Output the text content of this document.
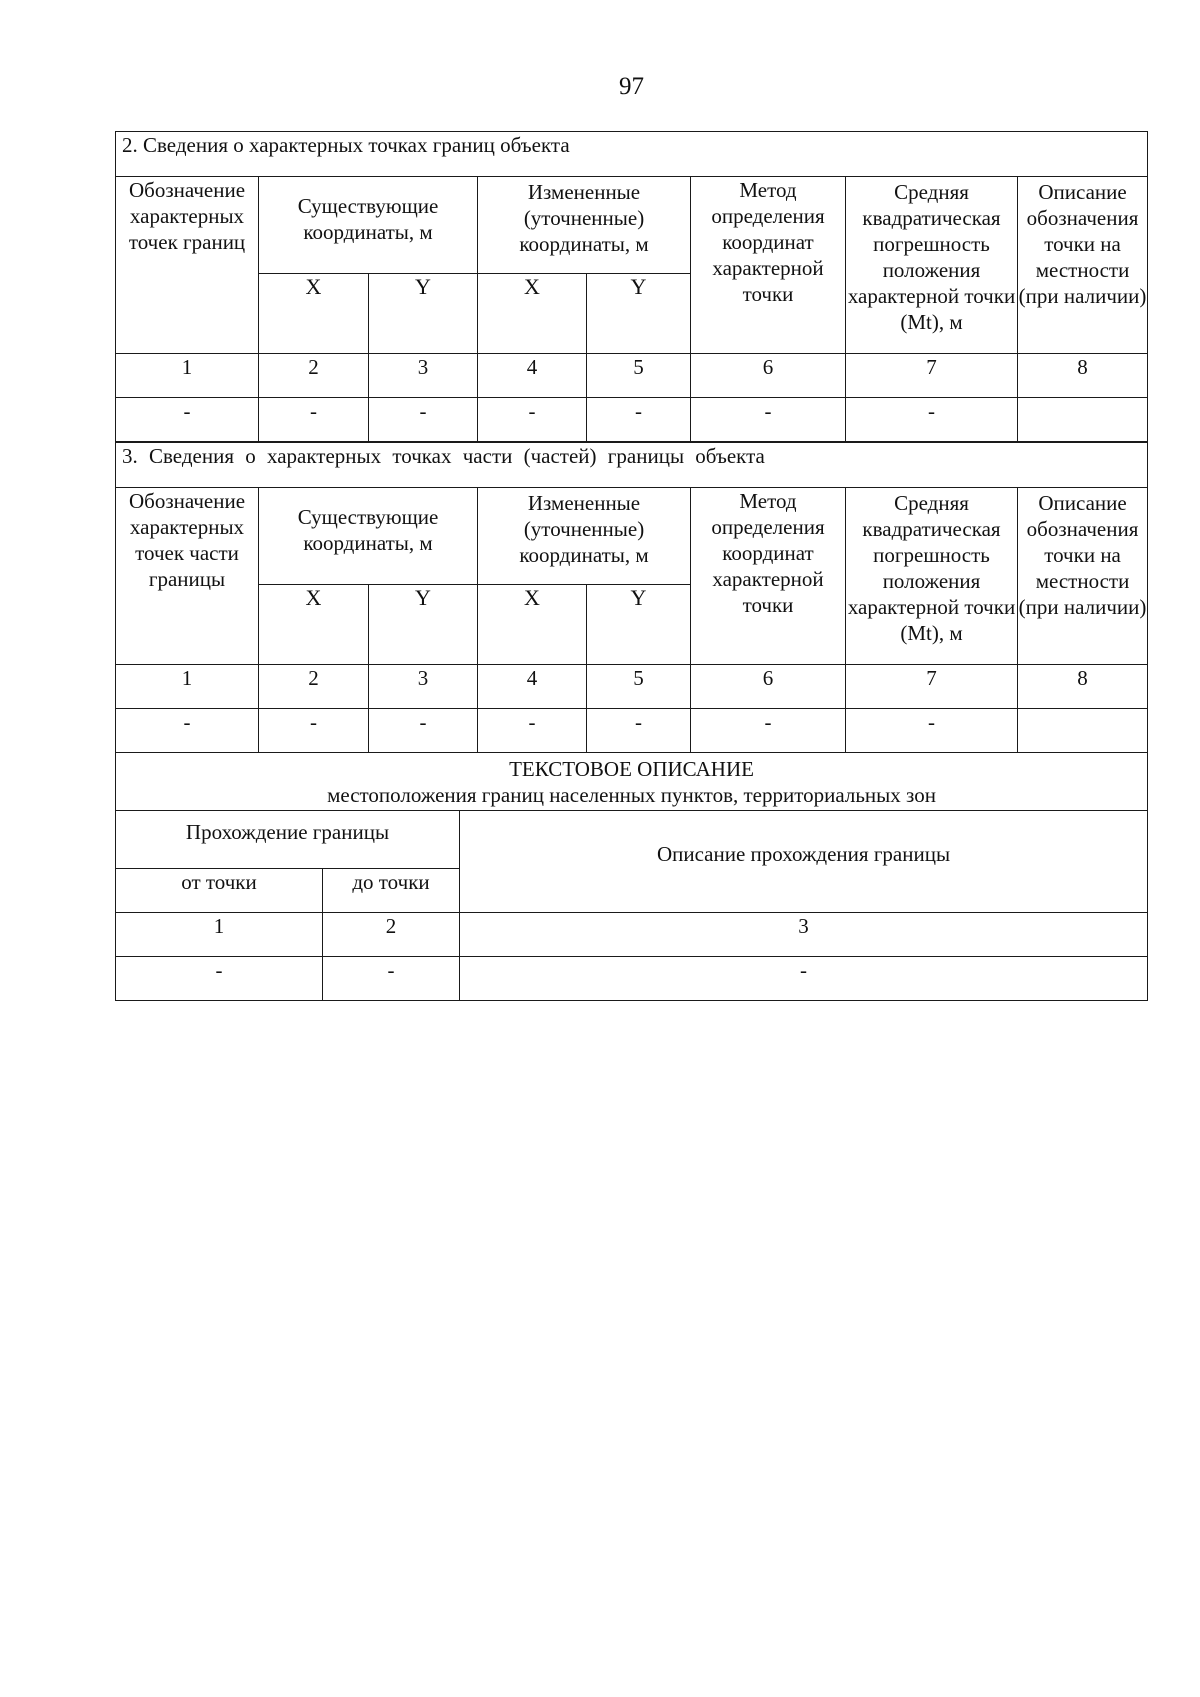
97
2. Сведения о характерных точках границ объекта							
Обозначение характерных точек границ	Существующие координаты, м		Измененные (уточненные) координаты, м		Метод определения координат характерной точки	Средняя квадратическая погрешность положения характерной точки (Mt), м	Описание обозначения точки на местности (при наличии)
	X	Y	X	Y			
1	2	3	4	5	6	7	8
-	-	-	-	-	-	-	
3. Сведения о характерных точках части (частей) границы объекта							
Обозначение характерных точек части границы	Существующие координаты, м		Измененные (уточненные) координаты, м		Метод определения координат характерной точки	Средняя квадратическая погрешность положения характерной точки (Mt), м	Описание обозначения точки на местности (при наличии)
	X	Y	X	Y			
1	2	3	4	5	6	7	8
-	-	-	-	-	-	-	
ТЕКСТОВОЕ ОПИСАНИЕ
местоположения границ населенных пунктов, территориальных зон		

Прохождение границы		Описание прохождения границы
от точки	до точки	
1	2	3
-	-	-
